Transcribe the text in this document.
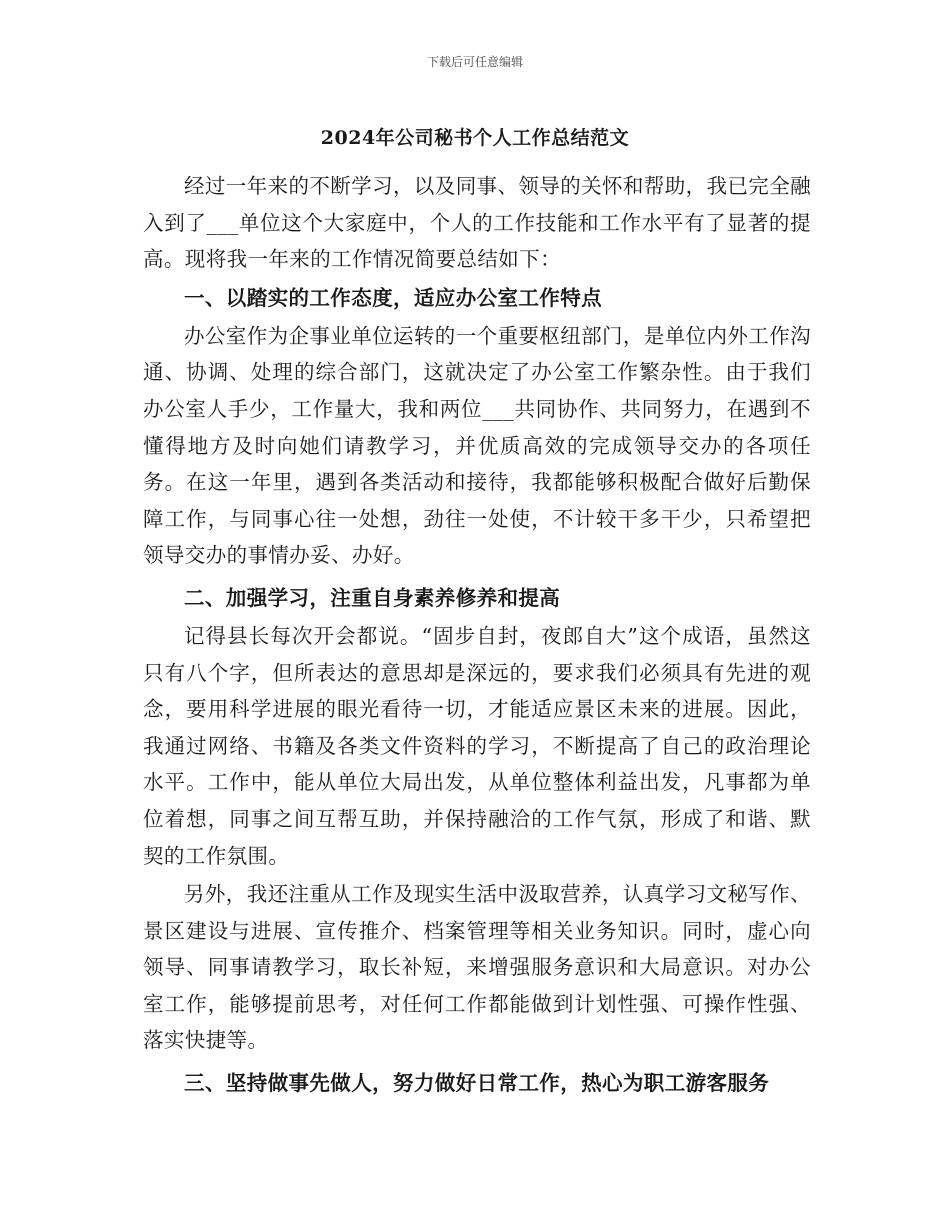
下载后可任意编辑
2024年公司秘书个人工作总结范文

经过一年来的不断学习，以及同事、领导的关怀和帮助，我已完全融入到了___单位这个大家庭中，个人的工作技能和工作水平有了显著的提高。现将我一年来的工作情况简要总结如下：

一、以踏实的工作态度，适应办公室工作特点

办公室作为企事业单位运转的一个重要枢纽部门，是单位内外工作沟通、协调、处理的综合部门，这就决定了办公室工作繁杂性。由于我们办公室人手少，工作量大，我和两位___共同协作、共同努力，在遇到不懂得地方及时向她们请教学习，并优质高效的完成领导交办的各项任务。在这一年里，遇到各类活动和接待，我都能够积极配合做好后勤保障工作，与同事心往一处想，劲往一处使，不计较干多干少，只希望把领导交办的事情办妥、办好。

二、加强学习，注重自身素养修养和提高

记得县长每次开会都说。“固步自封，夜郎自大”这个成语，虽然这只有八个字，但所表达的意思却是深远的，要求我们必须具有先进的观念，要用科学进展的眼光看待一切，才能适应景区未来的进展。因此，我通过网络、书籍及各类文件资料的学习，不断提高了自己的政治理论水平。工作中，能从单位大局出发，从单位整体利益出发，凡事都为单位着想，同事之间互帮互助，并保持融洽的工作气氛，形成了和谐、默契的工作氛围。

另外，我还注重从工作及现实生活中汲取营养，认真学习文秘写作、景区建设与进展、宣传推介、档案管理等相关业务知识。同时，虚心向领导、同事请教学习，取长补短，来增强服务意识和大局意识。对办公室工作，能够提前思考，对任何工作都能做到计划性强、可操作性强、落实快捷等。

三、坚持做事先做人，努力做好日常工作，热心为职工游客服务
